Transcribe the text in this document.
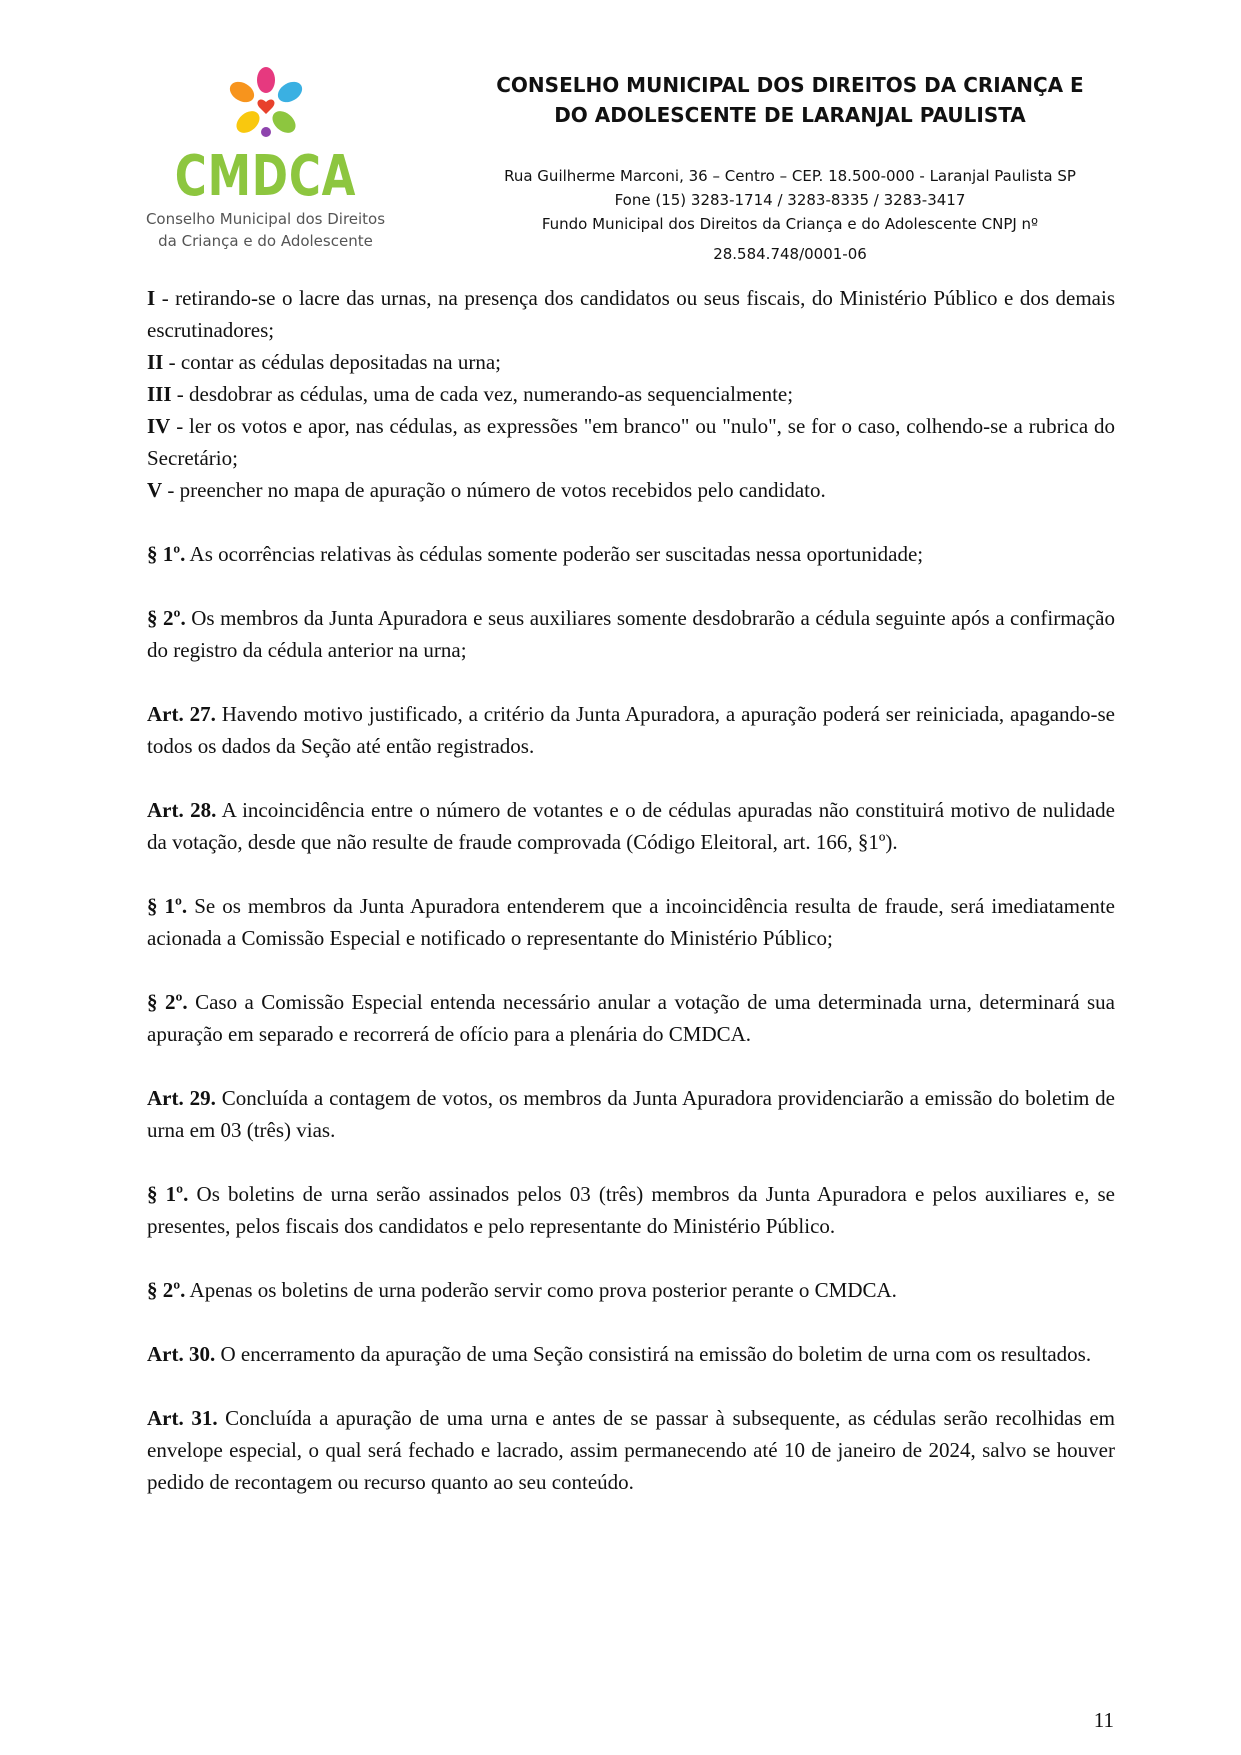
CMDCA
Conselho Municipal dos Direitos
da Criança e do Adolescente
CONSELHO MUNICIPAL DOS DIREITOS DA CRIANÇA E
DO ADOLESCENTE DE LARANJAL PAULISTA
Rua Guilherme Marconi, 36 – Centro – CEP. 18.500-000 - Laranjal Paulista SP
Fone (15) 3283-1714 / 3283-8335 / 3283-3417
Fundo Municipal dos Direitos da Criança e do Adolescente CNPJ nº
28.584.748/0001-06

I - retirando-se o lacre das urnas, na presença dos candidatos ou seus fiscais, do Ministério Público e dos demais escrutinadores;

II - contar as cédulas depositadas na urna;

III - desdobrar as cédulas, uma de cada vez, numerando-as sequencialmente;

IV - ler os votos e apor, nas cédulas, as expressões "em branco" ou "nulo", se for o caso, colhendo-se a rubrica do Secretário;

V - preencher no mapa de apuração o número de votos recebidos pelo candidato.

§ 1º. As ocorrências relativas às cédulas somente poderão ser suscitadas nessa oportunidade;

§ 2º. Os membros da Junta Apuradora e seus auxiliares somente desdobrarão a cédula seguinte após a confirmação do registro da cédula anterior na urna;

Art. 27. Havendo motivo justificado, a critério da Junta Apuradora, a apuração poderá ser reiniciada, apagando-se todos os dados da Seção até então registrados.

Art. 28. A incoincidência entre o número de votantes e o de cédulas apuradas não constituirá motivo de nulidade da votação, desde que não resulte de fraude comprovada (Código Eleitoral, art. 166, §1º).

§ 1º. Se os membros da Junta Apuradora entenderem que a incoincidência resulta de fraude, será imediatamente acionada a Comissão Especial e notificado o representante do Ministério Público;

§ 2º. Caso a Comissão Especial entenda necessário anular a votação de uma determinada urna, determinará sua apuração em separado e recorrerá de ofício para a plenária do CMDCA.

Art. 29. Concluída a contagem de votos, os membros da Junta Apuradora providenciarão a emissão do boletim de urna em 03 (três) vias.

§ 1º. Os boletins de urna serão assinados pelos 03 (três) membros da Junta Apuradora e pelos auxiliares e, se presentes, pelos fiscais dos candidatos e pelo representante do Ministério Público.

§ 2º. Apenas os boletins de urna poderão servir como prova posterior perante o CMDCA.

Art. 30. O encerramento da apuração de uma Seção consistirá na emissão do boletim de urna com os resultados.

Art. 31. Concluída a apuração de uma urna e antes de se passar à subsequente, as cédulas serão recolhidas em envelope especial, o qual será fechado e lacrado, assim permanecendo até 10 de janeiro de 2024, salvo se houver pedido de recontagem ou recurso quanto ao seu conteúdo.

11
